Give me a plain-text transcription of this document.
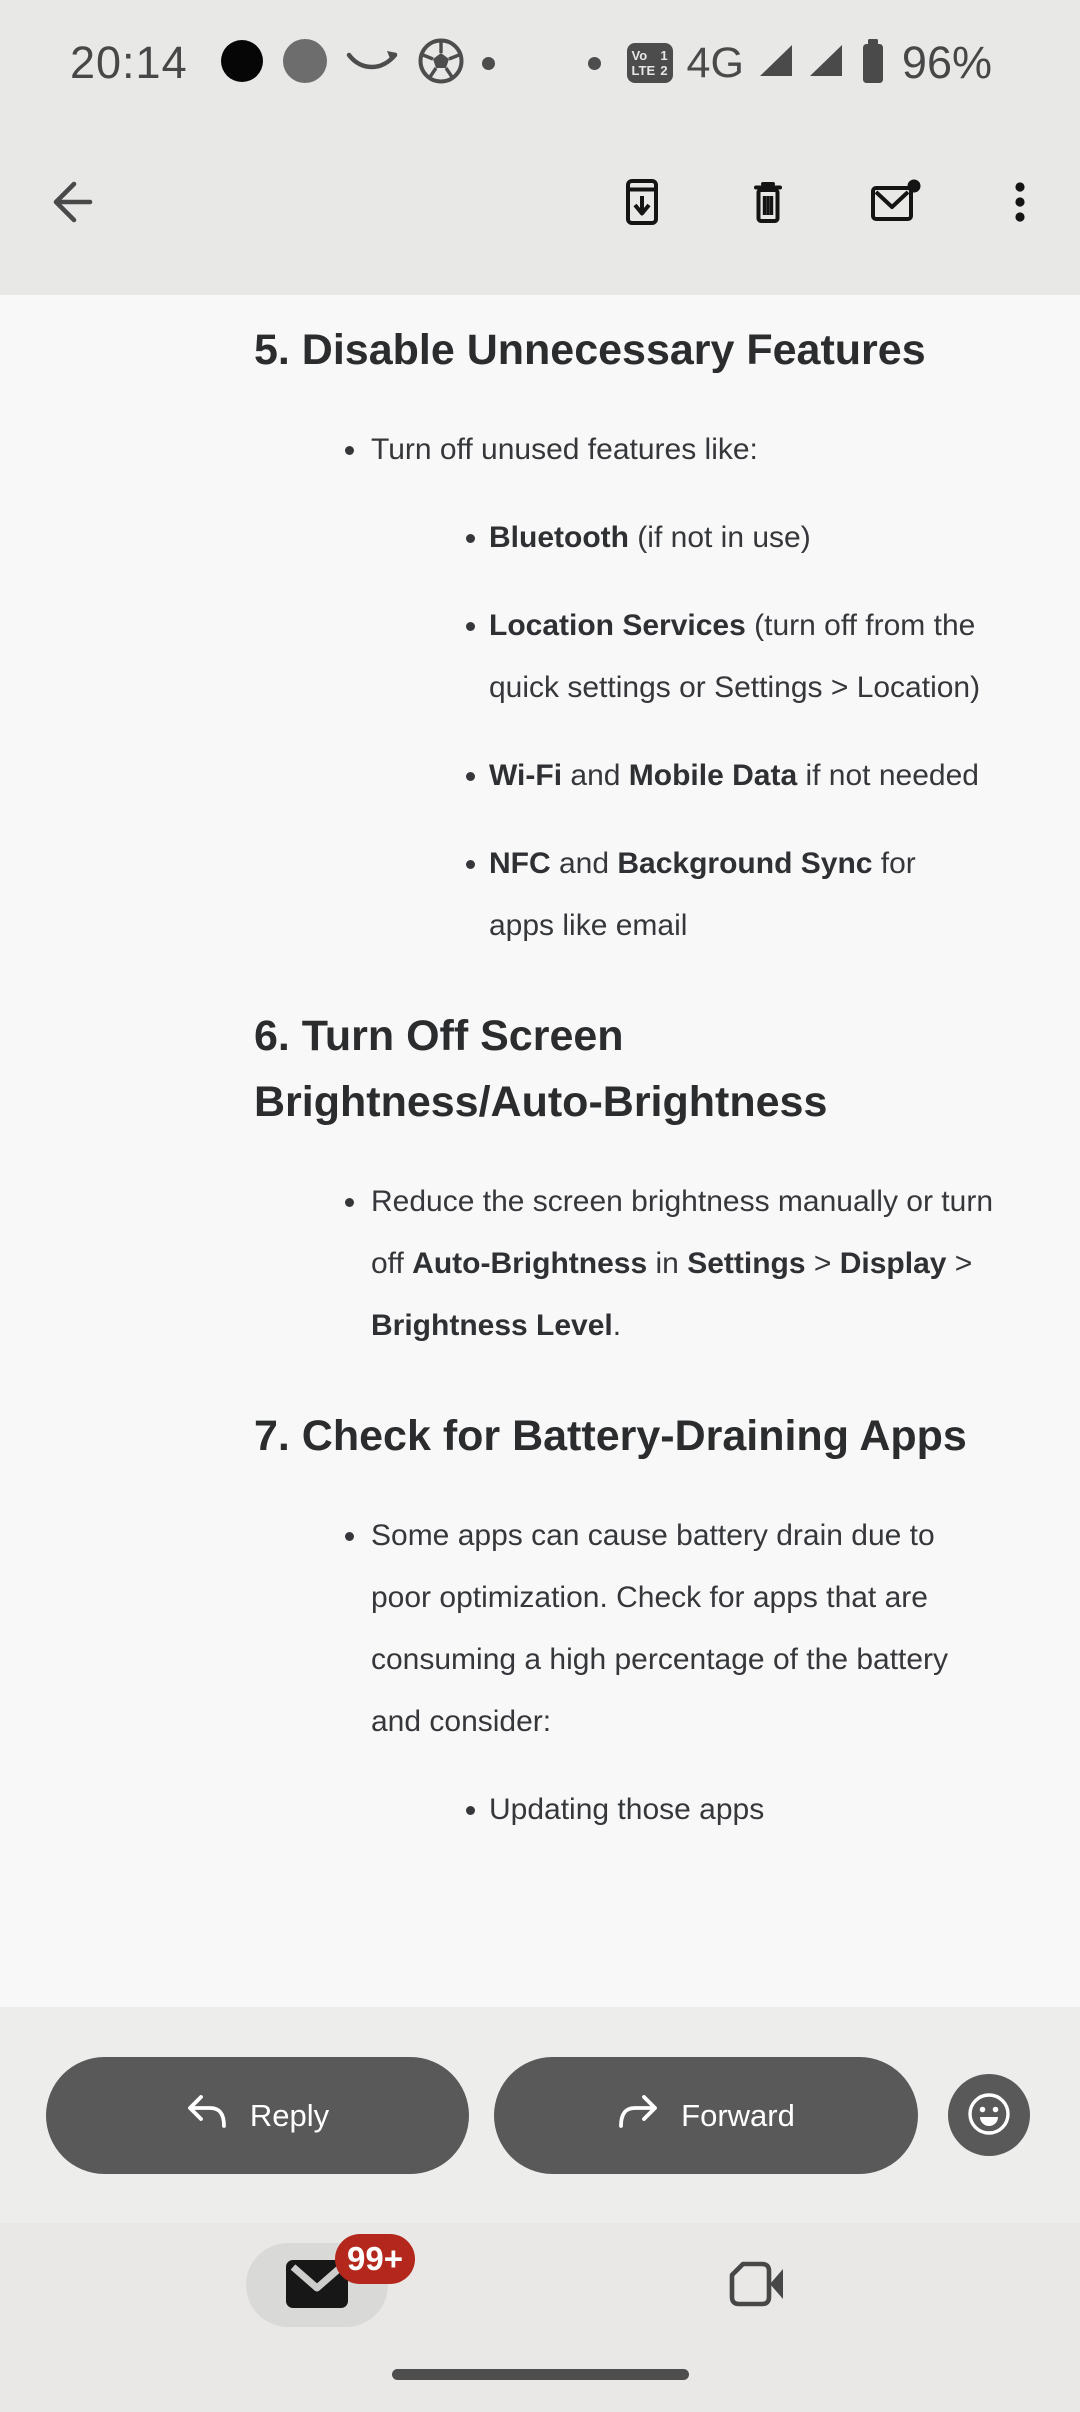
20:14	Vo 1
LTE 2 4G	96%
5. Disable Unnecessary Features
Turn off unused features like:
Bluetooth (if not in use)
Location Services (turn off from the quick settings or Settings > Location)
Wi-Fi and Mobile Data if not needed
NFC and Background Sync for apps like email
6. Turn Off Screen Brightness/Auto-Brightness
Reduce the screen brightness manually or turn off Auto-Brightness in Settings > Display > Brightness Level.
7. Check for Battery-Draining Apps
Some apps can cause battery drain due to poor optimization. Check for apps that are consuming a high percentage of the battery and consider:
Updating those apps
Reply	Forward
99+
